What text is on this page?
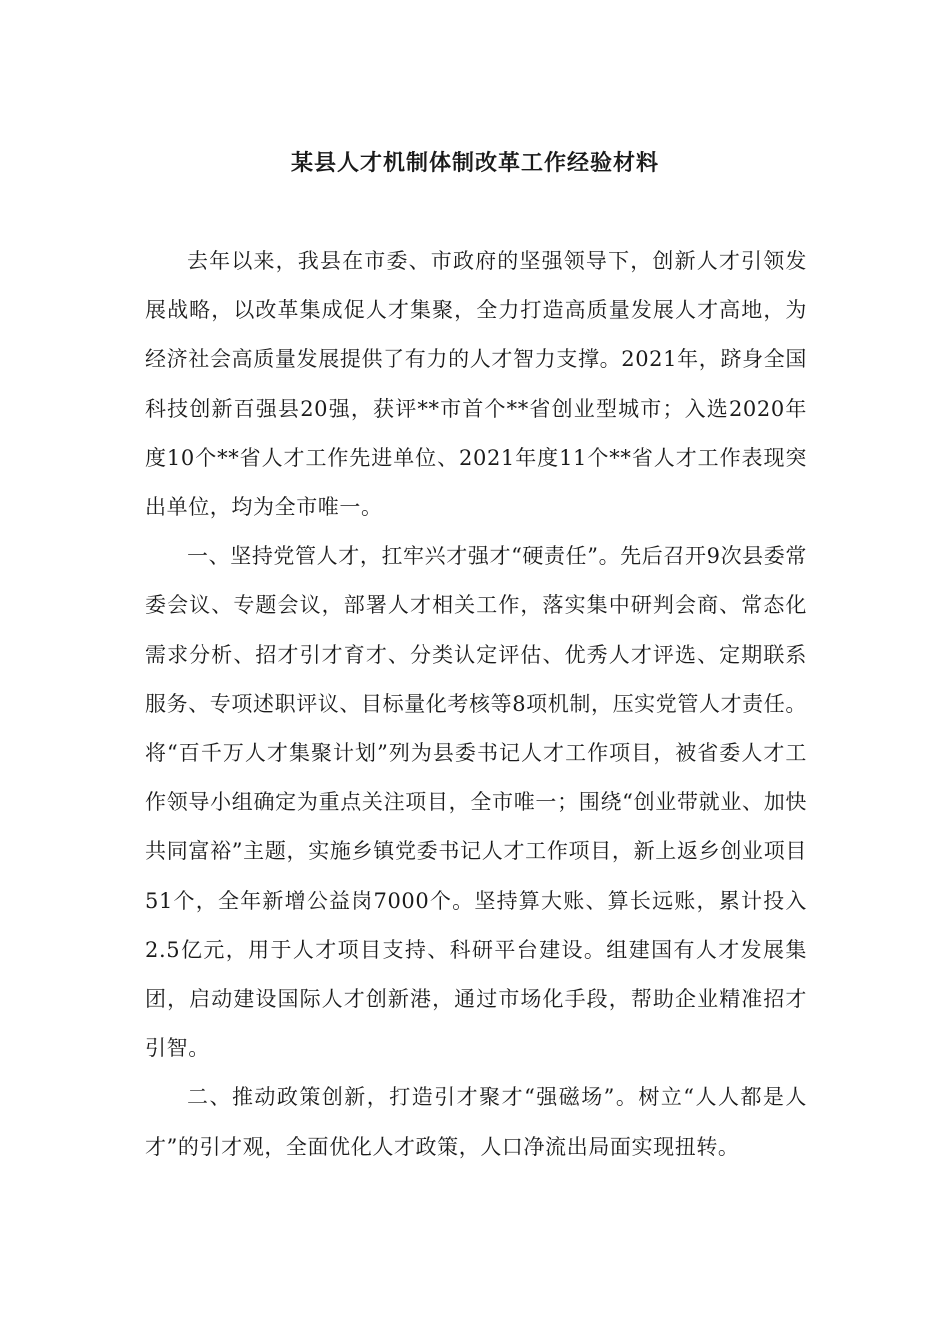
某县人才机制体制改革工作经验材料

去年以来，我县在市委、市政府的坚强领导下，创新人才引领发展战略，以改革集成促人才集聚，全力打造高质量发展人才高地，为经济社会高质量发展提供了有力的人才智力支撑。2021年，跻身全国科技创新百强县20强，获评**市首个**省创业型城市；入选2020年度10个**省人才工作先进单位、2021年度11个**省人才工作表现突出单位，均为全市唯一。

一、坚持党管人才，扛牢兴才强才“硬责任”。先后召开9次县委常委会议、专题会议，部署人才相关工作，落实集中研判会商、常态化需求分析、招才引才育才、分类认定评估、优秀人才评选、定期联系服务、专项述职评议、目标量化考核等8项机制，压实党管人才责任。将“百千万人才集聚计划”列为县委书记人才工作项目，被省委人才工作领导小组确定为重点关注项目，全市唯一；围绕“创业带就业、加快共同富裕”主题，实施乡镇党委书记人才工作项目，新上返乡创业项目51个，全年新增公益岗7000个。坚持算大账、算长远账，累计投入2.5亿元，用于人才项目支持、科研平台建设。组建国有人才发展集团，启动建设国际人才创新港，通过市场化手段，帮助企业精准招才引智。

二、推动政策创新，打造引才聚才“强磁场”。树立“人人都是人才”的引才观，全面优化人才政策，人口净流出局面实现扭转。
